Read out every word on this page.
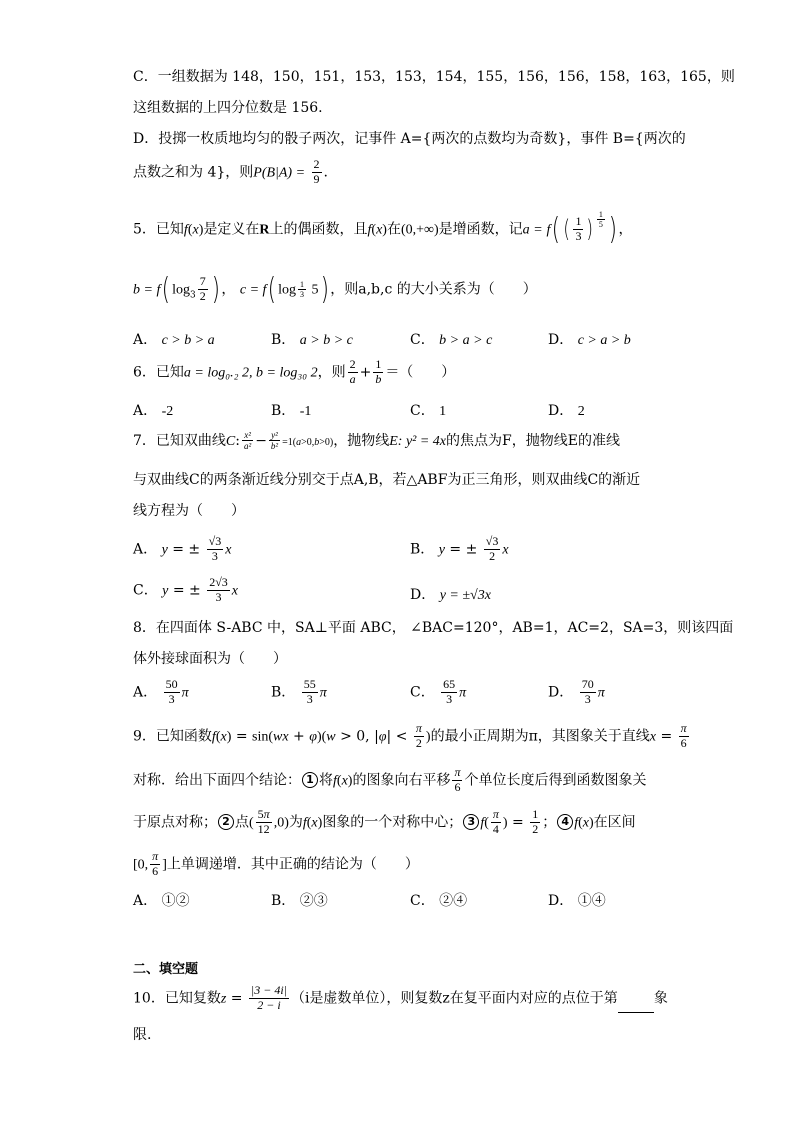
C．一组数据为 148，150，151，153，153，154，155，156，156，158，163，165，则
这组数据的上四分位数是 156.
D．投掷一枚质地均匀的骰子两次，记事件 A={两次的点数均为奇数}，事件 B={两次的
点数之和为 4}，则$P(B|A) = \frac{2}{9}$ .
5．已知f(x)是定义在R上的偶函数，且f(x)在(0,+∞)是增函数，记a = f( ( $\frac{1}{3}$ ) $\frac{1}{5}$ ) ，
b = f( $\log_3 \frac{7}{2}$ ) ， c = f( $\log \frac{1}{3} 5$) ，则a,b,c 的大小关系为（　　）
A． c > b > a	B． a > b > c	C． b > a > c	D． c > a > b
6．已知a = log₀.₂ 2, b = log₃₀ 2，则 $\frac{2}{a} + \frac{1}{b}$ ＝（　　）
A． -2	B． -1	C． 1	D． 2
7．已知双曲线C: $\frac{\text{x²}}{\text{a²}} - \frac{\text{y²}}{\text{b²}} =1(a>0,b>0)$，抛物线E: y² = 4x的焦点为F，抛物线E的准线
与双曲线C的两条渐近线分别交于点A,B，若△ABF为正三角形，则双曲线C的渐近
线方程为（　　）
A． y = ± $\frac{√3}{3}$ x	B． y = ± $\frac{√3}{2}$ x
C． y = ± $\frac{2√3}{3}$ x	D． y = ±√3x
8．在四面体 S-ABC 中，SA⊥平面 ABC， ∠BAC=120°，AB=1，AC=2，SA=3，则该四面
体外接球面积为（　　）
A． $\frac{50}{3}$ π	B． $\frac{55}{3}$ π	C． $\frac{65}{3}$ π	D． $\frac{70}{3}$ π
9．已知函数f(x) = sin(wx + φ)(w > 0, $|\varphi| < \frac{\pi}{2}$ )的最小正周期为π，其图象关于直线$x = \frac{\pi}{6}$
对称．给出下面四个结论： 1 将f(x)的图象向右平移 $\frac{\pi}{6}$ 个单位长度后得到函数图象关
于原点对称； 2 点( $\frac{5\pi}{12} ,0$)为f(x)图象的一个对称中心； 3 $f( \frac{\pi}{4}$ ) = $\frac{1}{2}$ ； 4 f(x)在区间
[0, $\frac{\pi}{6}$ ]上单调递增．其中正确的结论为（　　）
A． ①②	B． ②③	C． ②④	D． ①④
二、填空题
10．已知复数$z = \frac{|3 - 4i|}{2 - i} (i$是虚数单位），则复数z在复平面内对应的点位于第	象
限.
